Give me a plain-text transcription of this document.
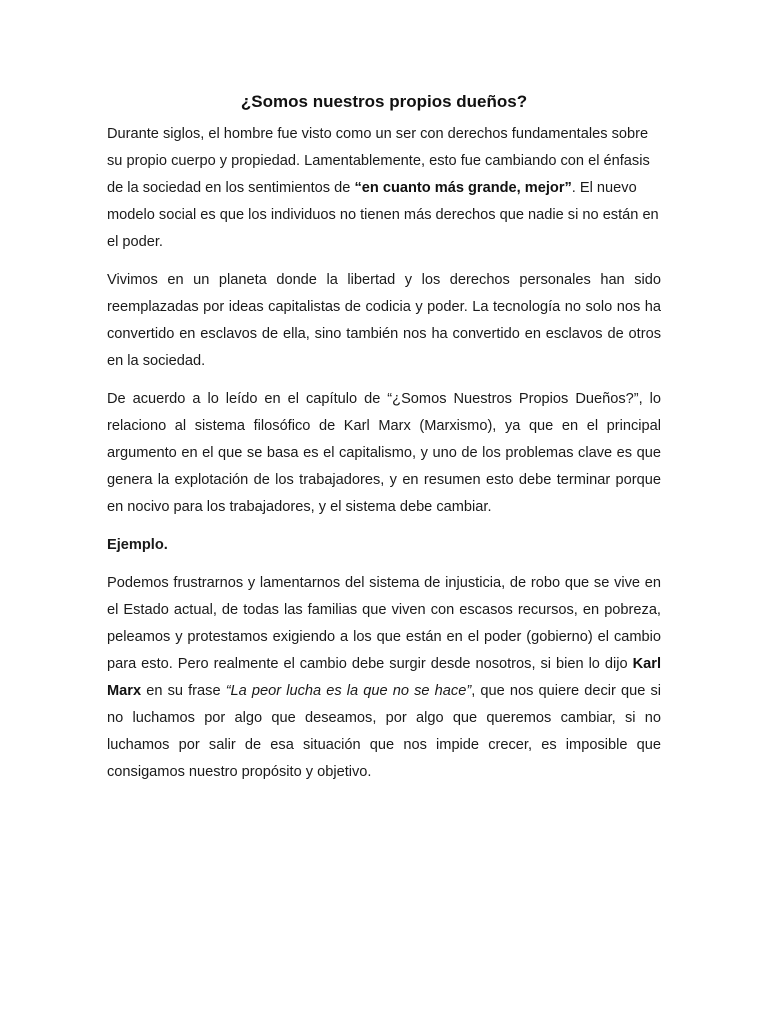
¿Somos nuestros propios dueños?

Durante siglos, el hombre fue visto como un ser con derechos fundamentales sobre su propio cuerpo y propiedad. Lamentablemente, esto fue cambiando con el énfasis de la sociedad en los sentimientos de “en cuanto más grande, mejor”. El nuevo modelo social es que los individuos no tienen más derechos que nadie si no están en el poder.

Vivimos en un planeta donde la libertad y los derechos personales han sido reemplazadas por ideas capitalistas de codicia y poder. La tecnología no solo nos ha convertido en esclavos de ella, sino también nos ha convertido en esclavos de otros en la sociedad.

De acuerdo a lo leído en el capítulo de “¿Somos Nuestros Propios Dueños?”, lo relaciono al sistema filosófico de Karl Marx (Marxismo), ya que en el principal argumento en el que se basa es el capitalismo, y uno de los problemas clave es que genera la explotación de los trabajadores, y en resumen esto debe terminar porque en nocivo para los trabajadores, y el sistema debe cambiar.

Ejemplo.

Podemos frustrarnos y lamentarnos del sistema de injusticia, de robo que se vive en el Estado actual, de todas las familias que viven con escasos recursos, en pobreza, peleamos y protestamos exigiendo a los que están en el poder (gobierno) el cambio para esto. Pero realmente el cambio debe surgir desde nosotros, si bien lo dijo Karl Marx en su frase “La peor lucha es la que no se hace”, que nos quiere decir que si no luchamos por algo que deseamos, por algo que queremos cambiar, si no luchamos por salir de esa situación que nos impide crecer, es imposible que consigamos nuestro propósito y objetivo.
